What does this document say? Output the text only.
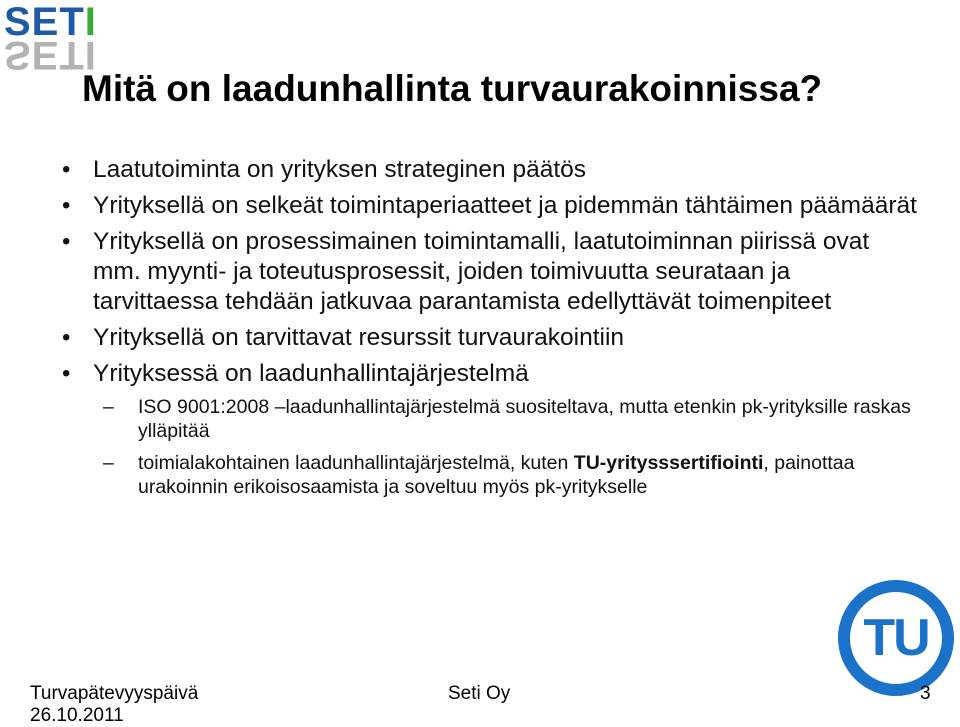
SETI
SETI
Mitä on laadunhallinta turvaurakoinnissa?
• Laatutoiminta on yrityksen strateginen päätös
• Yrityksellä on selkeät toimintaperiaatteet ja pidemmän tähtäimen päämäärät
• Yrityksellä on prosessimainen toimintamalli, laatutoiminnan piirissä ovat mm. myynti- ja toteutusprosessit, joiden toimivuutta seurataan ja tarvittaessa tehdään jatkuvaa parantamista edellyttävät toimenpiteet
• Yrityksellä on tarvittavat resurssit turvaurakointiin
• Yrityksessä on laadunhallintajärjestelmä
– ISO 9001:2008 –laadunhallintajärjestelmä suositeltava, mutta etenkin pk-yrityksille raskas ylläpitää
– toimialakohtainen laadunhallintajärjestelmä, kuten TU-yritysssertifiointi, painottaa urakoinnin erikoisosaamista ja soveltuu myös pk-yritykselle
TU
Turvapätevyyspäivä
26.10.2011
Seti Oy	3
